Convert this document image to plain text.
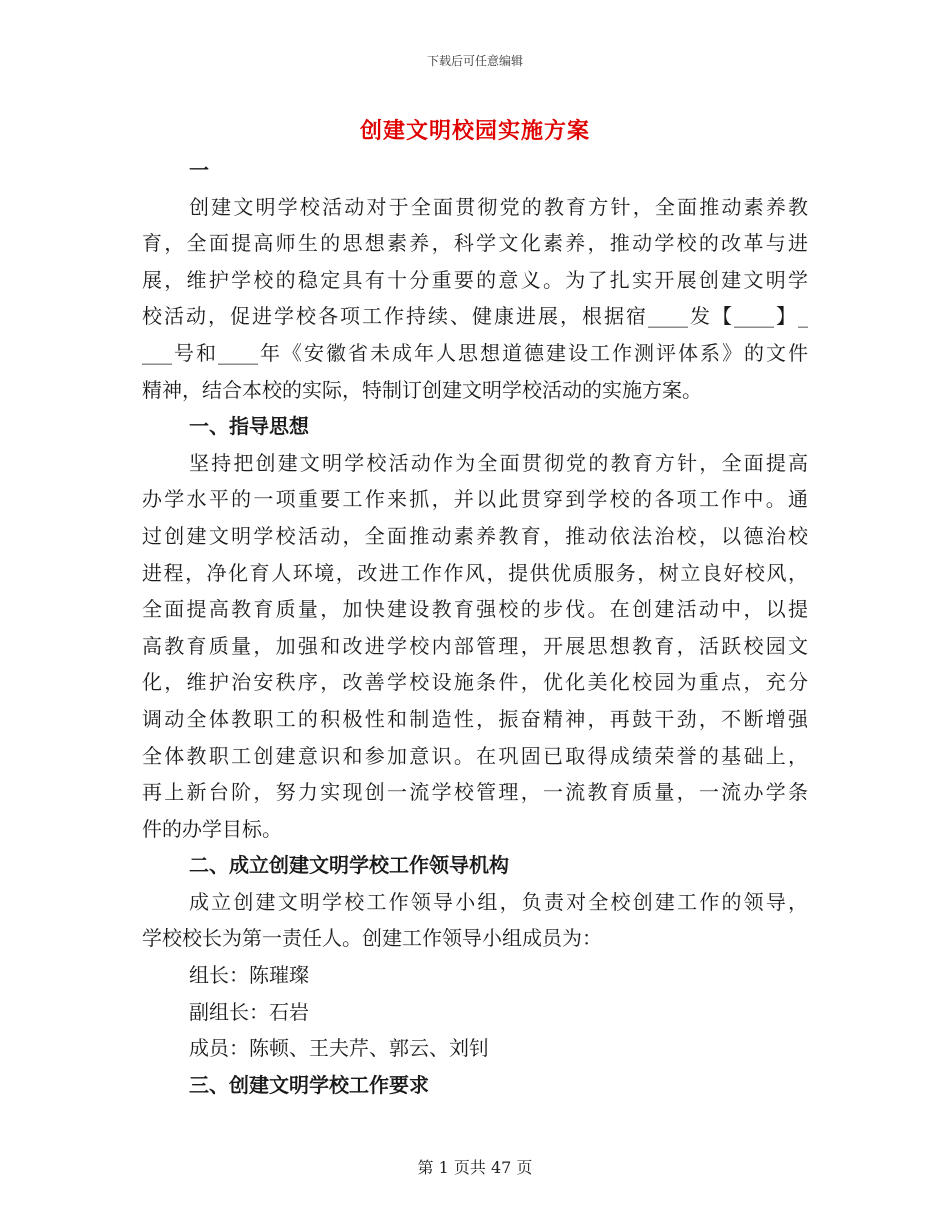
下载后可任意编辑
创建文明校园实施方案

一

创建文明学校活动对于全面贯彻党的教育方针，全面推动素养教

育，全面提高师生的思想素养，科学文化素养，推动学校的改革与进

展，维护学校的稳定具有十分重要的意义。为了扎实开展创建文明学

校活动，促进学校各项工作持续、健康进展，根据宿____发【____】_

___号和____年《安徽省未成年人思想道德建设工作测评体系》的文件

精神，结合本校的实际，特制订创建文明学校活动的实施方案。

一、指导思想

坚持把创建文明学校活动作为全面贯彻党的教育方针，全面提高

办学水平的一项重要工作来抓，并以此贯穿到学校的各项工作中。通

过创建文明学校活动，全面推动素养教育，推动依法治校，以德治校

进程，净化育人环境，改进工作作风，提供优质服务，树立良好校风，

全面提高教育质量，加快建设教育强校的步伐。在创建活动中，以提

高教育质量，加强和改进学校内部管理，开展思想教育，活跃校园文

化，维护治安秩序，改善学校设施条件，优化美化校园为重点，充分

调动全体教职工的积极性和制造性，振奋精神，再鼓干劲，不断增强

全体教职工创建意识和参加意识。在巩固已取得成绩荣誉的基础上，

再上新台阶，努力实现创一流学校管理，一流教育质量，一流办学条

件的办学目标。

二、成立创建文明学校工作领导机构

成立创建文明学校工作领导小组，负责对全校创建工作的领导，

学校校长为第一责任人。创建工作领导小组成员为：

组长：陈璀璨

副组长：石岩

成员：陈顿、王夫芹、郭云、刘钊

三、创建文明学校工作要求

第 1 页共 47 页
